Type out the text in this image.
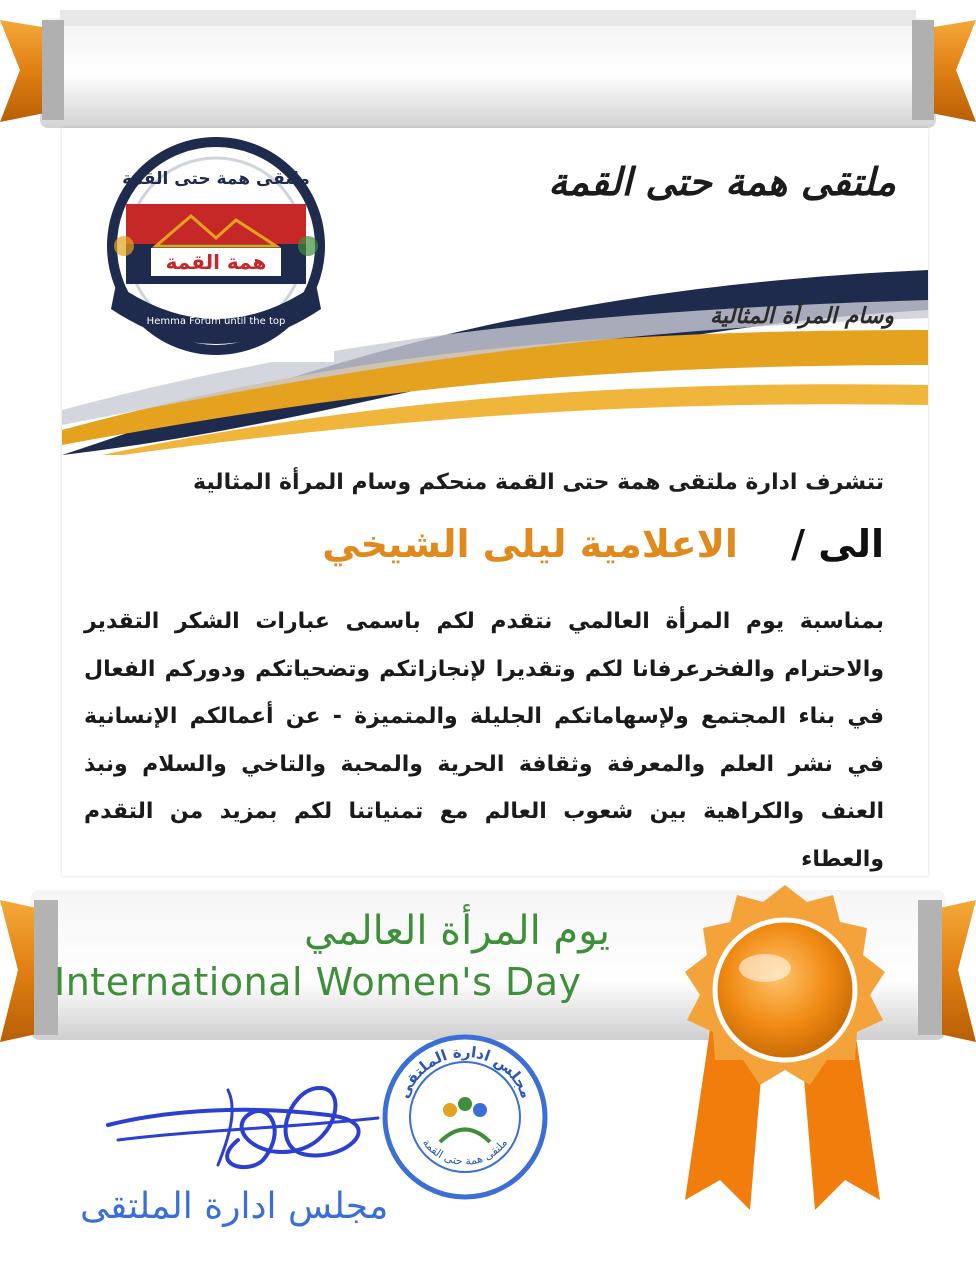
همة القمة
ملتقى همة حتى القمة
Hemma Forum until the top
ملتقى همة حتى القمة
وسام المرأة المثالية
تتشرف ادارة ملتقى همة حتى القمة منحكم وسام المرأة المثالية
الى / الاعلامية ليلى الشيخي
بمناسبة يوم المرأة العالمي نتقدم لكم باسمى عبارات الشكر التقدير والاحترام والفخرعرفانا لكم وتقديرا لإنجازاتكم وتضحياتكم ودوركم الفعال في بناء المجتمع ولإسهاماتكم الجليلة والمتميزة - عن أعمالكم الإنسانية في نشر العلم والمعرفة وثقافة الحرية والمحبة والتاخي والسلام ونبذ العنف والكراهية بين شعوب العالم مع تمنياتنا لكم بمزيد من التقدم والعطاء
يوم المرأة العالمي
International Women's Day
مجلس ادارة الملتقى
ملتقى همة حتى القمة
مجلس ادارة الملتقى
